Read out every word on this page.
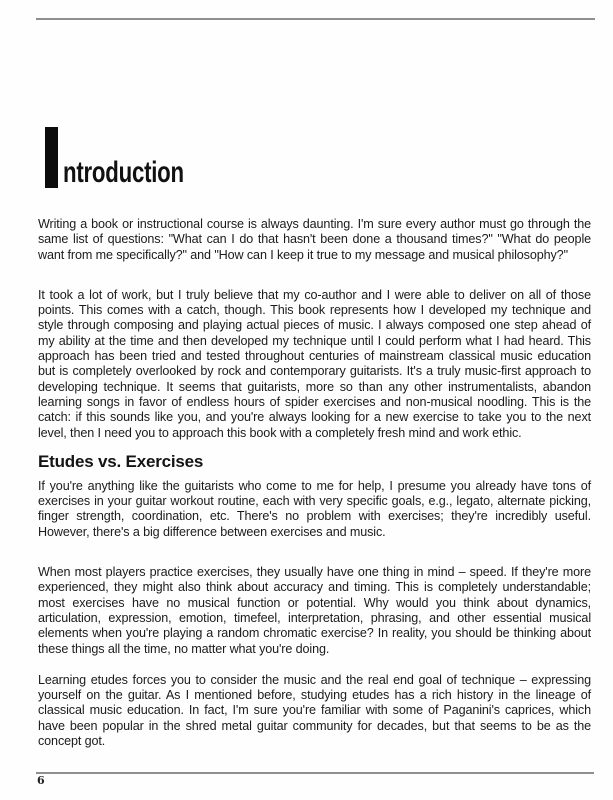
ntroduction

Writing a book or instructional course is always daunting. I'm sure every author must go through the same list of questions: "What can I do that hasn't been done a thousand times?" "What do people want from me specifically?" and "How can I keep it true to my message and musical philosophy?"

It took a lot of work, but I truly believe that my co-author and I were able to deliver on all of those points. This comes with a catch, though. This book represents how I developed my technique and style through composing and playing actual pieces of music. I always composed one step ahead of my ability at the time and then developed my technique until I could perform what I had heard. This approach has been tried and tested throughout centuries of mainstream classical music education but is completely overlooked by rock and contemporary guitarists. It's a truly music-first approach to developing technique. It seems that guitarists, more so than any other instrumentalists, abandon learning songs in favor of endless hours of spider exercises and non-musical noodling. This is the catch: if this sounds like you, and you're always looking for a new exercise to take you to the next level, then I need you to approach this book with a completely fresh mind and work ethic.

Etudes vs. Exercises

If you're anything like the guitarists who come to me for help, I presume you already have tons of exercises in your guitar workout routine, each with very specific goals, e.g., legato, alternate picking, finger strength, coordination, etc. There's no problem with exercises; they're incredibly useful. However, there's a big difference between exercises and music.

When most players practice exercises, they usually have one thing in mind – speed. If they're more experienced, they might also think about accuracy and timing. This is completely understandable; most exercises have no musical function or potential. Why would you think about dynamics, articulation, expression, emotion, timefeel, interpretation, phrasing, and other essential musical elements when you're playing a random chromatic exercise? In reality, you should be thinking about these things all the time, no matter what you're doing.

Learning etudes forces you to consider the music and the real end goal of technique – expressing yourself on the guitar. As I mentioned before, studying etudes has a rich history in the lineage of classical music education. In fact, I'm sure you're familiar with some of Paganini's caprices, which have been popular in the shred metal guitar community for decades, but that seems to be as the concept got.

6
